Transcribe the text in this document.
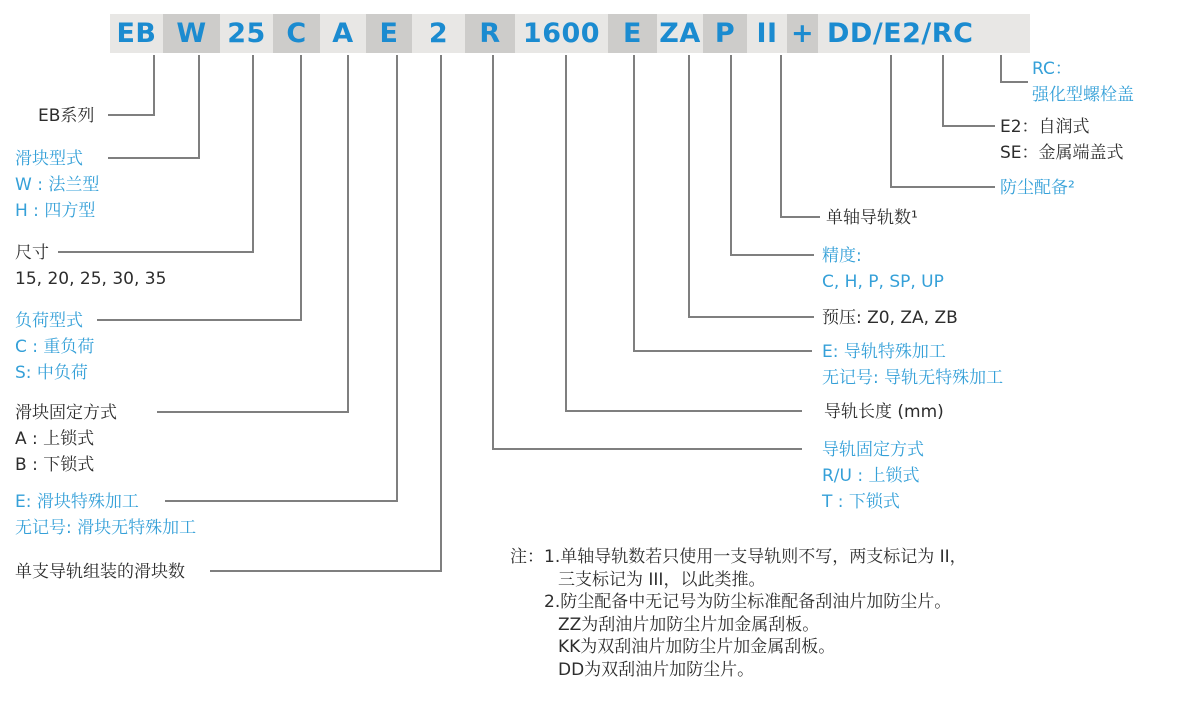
EB W 25 C A E	2	R 1600 E ZA P II + DD/E2/RC
EB系列
滑块型式
W : 法兰型
H : 四方型
尺寸
15, 20, 25, 30, 35
负荷型式
C : 重负荷
S: 中负荷
滑块固定方式
A : 上锁式
B : 下锁式
E: 滑块特殊加工
无记号: 滑块无特殊加工
单支导轨组装的滑块数
导轨固定方式
R/U : 上锁式
T : 下锁式
导轨长度 (mm)
E: 导轨特殊加工
无记号: 导轨无特殊加工
预压: Z0, ZA, ZB
精度:
C, H, P, SP, UP
单轴导轨数¹
防尘配备²
E2：自润式
SE：金属端盖式
RC：
强化型螺栓盖
注： 1.单轴导轨数若只使用一支导轨则不写，两支标记为 II，
三支标记为 III，以此类推。
2.防尘配备中无记号为防尘标准配备刮油片加防尘片。
ZZ为刮油片加防尘片加金属刮板。
KK为双刮油片加防尘片加金属刮板。
DD为双刮油片加防尘片。
